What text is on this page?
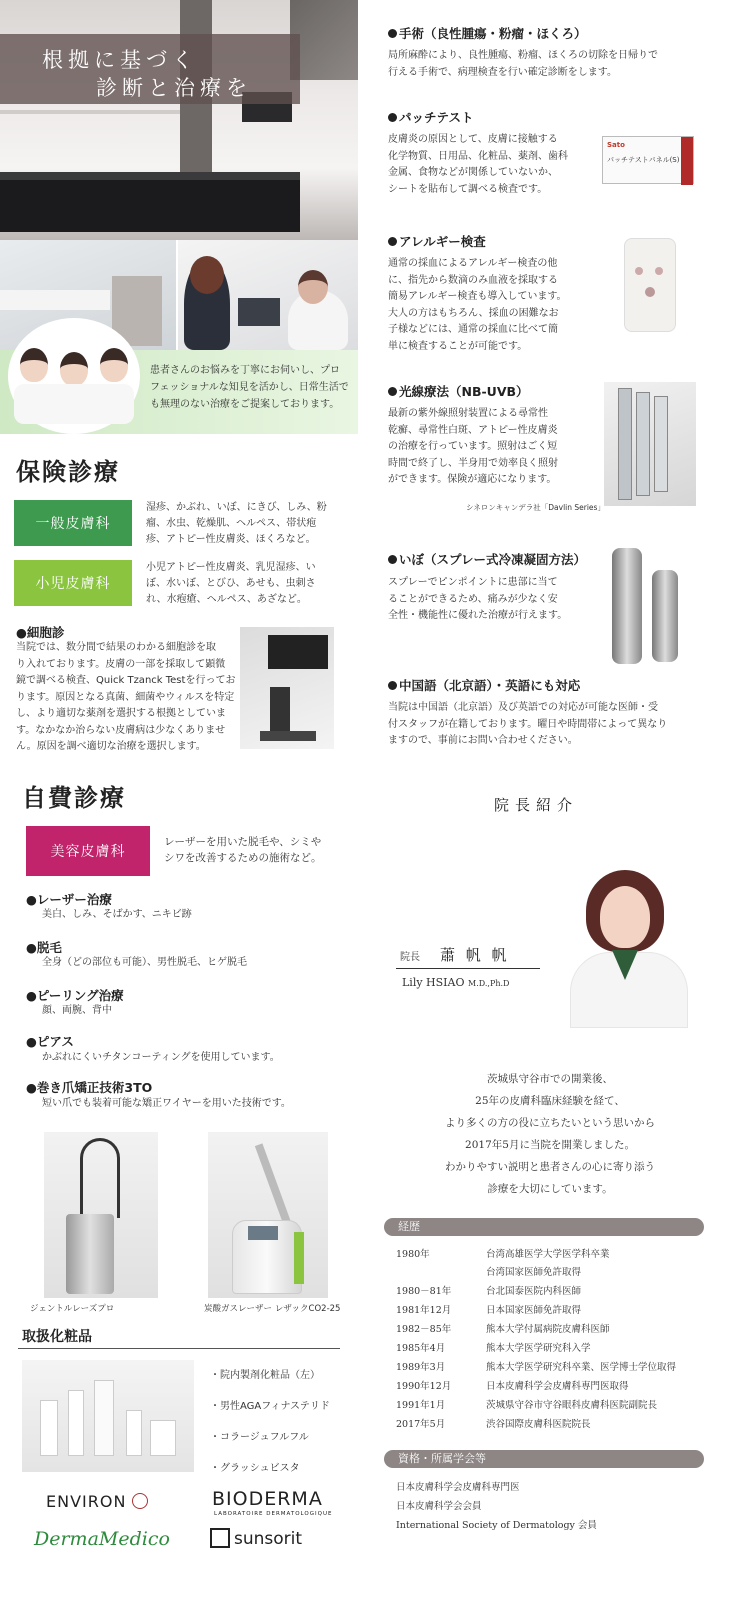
根拠に基づく
診断と治療を
患者さんのお悩みを丁寧にお伺いし、プロ
フェッショナルな知見を活かし、日常生活で
も無理のない治療をご提案しております。
保険診療
一般皮膚科
湿疹、かぶれ、いぼ、にきび、しみ、粉
瘤、水虫、乾燥肌、ヘルペス、帯状疱
疹、アトピー性皮膚炎、ほくろなど。
小児皮膚科
小児アトピー性皮膚炎、乳児湿疹、い
ぼ、水いぼ、とびひ、あせも、虫刺さ
れ、水疱瘡、ヘルペス、あざなど。
●細胞診
当院では、数分間で結果のわかる細胞診を取
り入れております。皮膚の一部を採取して顕微
鏡で調べる検査、Quick Tzanck Testを行ってお
ります。原因となる真菌、細菌やウィルスを特定
し、より適切な薬剤を選択する根拠としていま
す。なかなか治らない皮膚病は少なくありませ
ん。原因を調べ適切な治療を選択します。
手術（良性腫瘍・粉瘤・ほくろ）
局所麻酔により、良性腫瘍、粉瘤、ほくろの切除を日帰りで
行える手術で、病理検査を行い確定診断をします。
パッチテスト
皮膚炎の原因として、皮膚に接触する
化学物質、日用品、化粧品、薬剤、歯科
金属、食物などが関係していないか、
シートを貼布して調べる検査です。
Sato
パッチテストパネル(S)
アレルギー検査
通常の採血によるアレルギー検査の他
に、指先から数滴のみ血液を採取する
簡易アレルギー検査も導入しています。
大人の方はもちろん、採血の困難なお
子様などには、通常の採血に比べて簡
単に検査することが可能です。
光線療法（NB-UVB）
最新の紫外線照射装置による尋常性
乾癬、尋常性白斑、アトピー性皮膚炎
の治療を行っています。照射はごく短
時間で終了し、半身用で効率良く照射
ができます。保険が適応になります。
シネロンキャンデラ社「Davlin Series」
いぼ（スプレー式冷凍凝固方法）
スプレーでピンポイントに患部に当て
ることができるため、痛みが少なく安
全性・機能性に優れた治療が行えます。
中国語（北京語）・英語にも対応
当院は中国語（北京語）及び英語での対応が可能な医師・受
付スタッフが在籍しております。曜日や時間帯によって異なり
ますので、事前にお問い合わせください。
自費診療
美容皮膚科
レーザーを用いた脱毛や、シミや
シワを改善するための施術など。
●レーザー治療
美白、しみ、そばかす、ニキビ跡
●脱毛
全身（どの部位も可能）、男性脱毛、ヒゲ脱毛
●ピーリング治療
顔、両腕、背中
●ピアス
かぶれにくいチタンコーティングを使用しています。
●巻き爪矯正技術3TO
短い爪でも装着可能な矯正ワイヤーを用いた技術です。
ジェントルレーズプロ	炭酸ガスレーザー レザックCO2-25
取扱化粧品
・院内製剤化粧品（左）
・男性AGAフィナステリド
・コラージュフルフル
・グラッシュビスタ
ENVIRON	BIODERMA
LABORATOIRE DERMATOLOGIQUE
DermaMedico	sunsorit
院長紹介
院長 蕭 帆 帆
Lily HSIAO M.D.,Ph.D
茨城県守谷市での開業後、
25年の皮膚科臨床経験を経て、
より多くの方の役に立ちたいという思いから
2017年5月に当院を開業しました。
わかりやすい説明と患者さんの心に寄り添う
診療を大切にしています。
経歴
1980年	台湾高雄医学大学医学科卒業
台湾国家医師免許取得
1980－81年	台北国泰医院内科医師
1981年12月	日本国家医師免許取得
1982－85年	熊本大学付属病院皮膚科医師
1985年4月	熊本大学医学研究科入学
1989年3月	熊本大学医学研究科卒業、医学博士学位取得
1990年12月	日本皮膚科学会皮膚科専門医取得
1991年1月	茨城県守谷市守谷眼科皮膚科医院副院長
2017年5月	渋谷国際皮膚科医院院長
資格・所属学会等
日本皮膚科学会皮膚科専門医
日本皮膚科学会会員
International Society of Dermatology 会員
